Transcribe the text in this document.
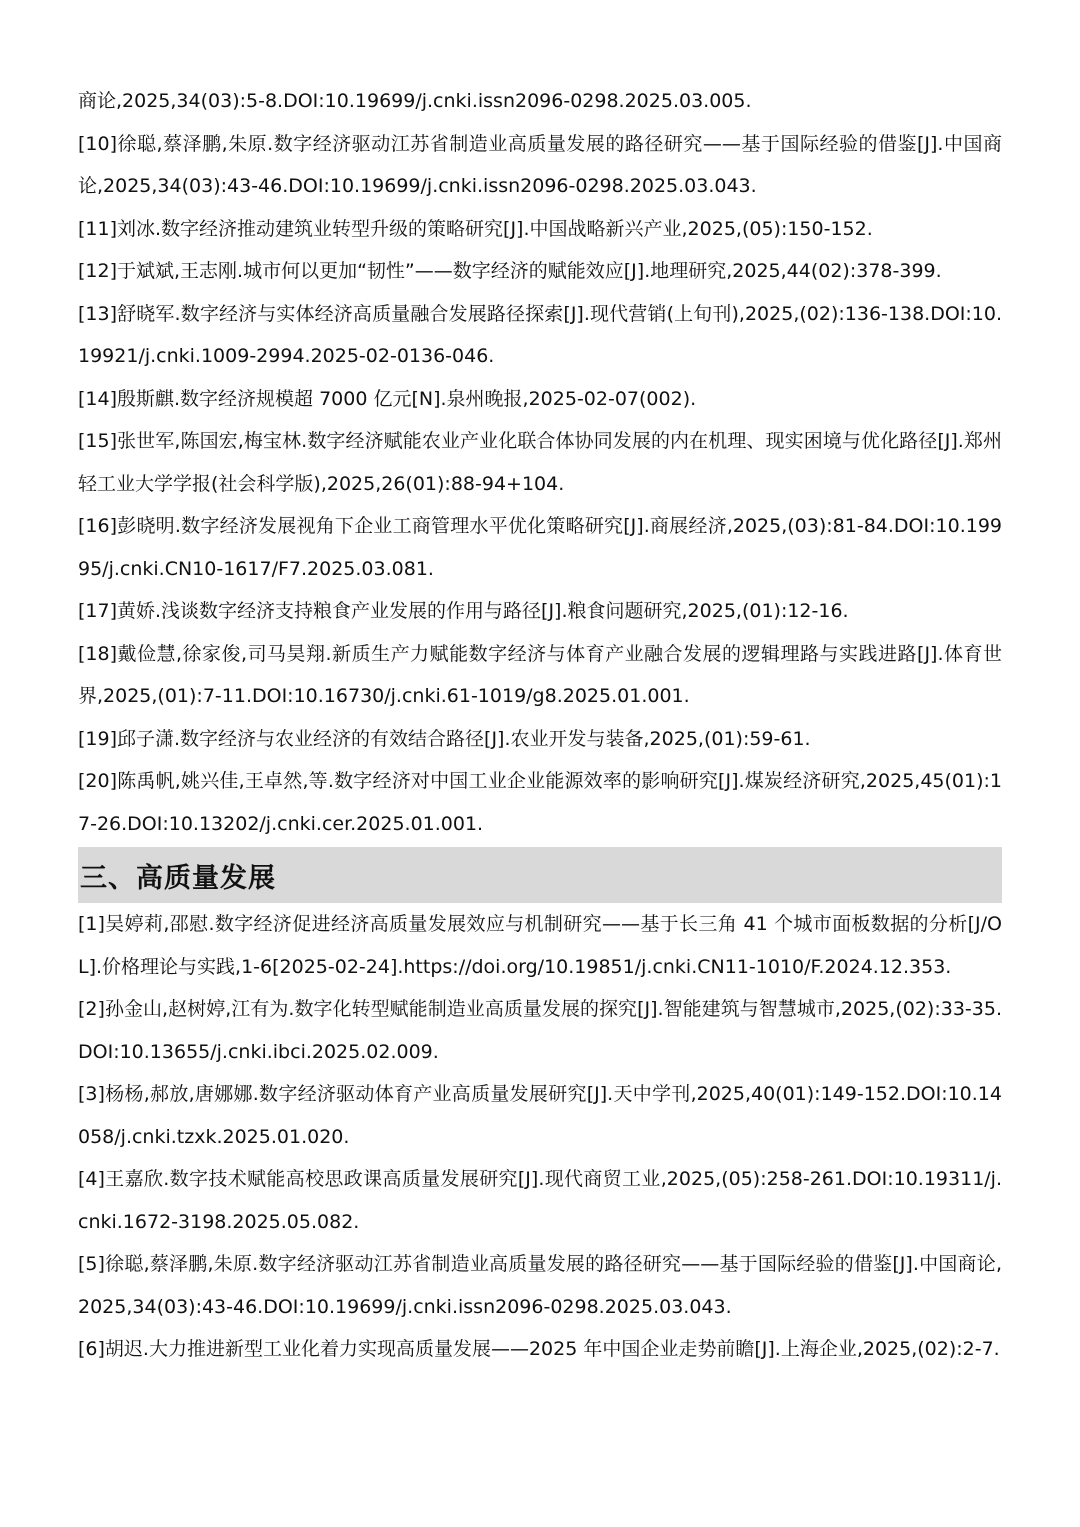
商论,2025,34(03):5-8.DOI:10.19699/j.cnki.issn2096-0298.2025.03.005.

[10]徐聪,蔡泽鹏,朱原.数字经济驱动江苏省制造业高质量发展的路径研究——基于国际经验的借鉴[J].中国商论,2025,34(03):43-46.DOI:10.19699/j.cnki.issn2096-0298.2025.03.043.

[11]刘冰.数字经济推动建筑业转型升级的策略研究[J].中国战略新兴产业,2025,(05):150-152.

[12]于斌斌,王志刚.城市何以更加“韧性”——数字经济的赋能效应[J].地理研究,2025,44(02):378-399.

[13]舒晓军.数字经济与实体经济高质量融合发展路径探索[J].现代营销(上旬刊),2025,(02):136-138.DOI:10.19921/j.cnki.1009-2994.2025-02-0136-046.

[14]殷斯麒.数字经济规模超 7000 亿元[N].泉州晚报,2025-02-07(002).

[15]张世军,陈国宏,梅宝林.数字经济赋能农业产业化联合体协同发展的内在机理、现实困境与优化路径[J].郑州轻工业大学学报(社会科学版),2025,26(01):88-94+104.

[16]彭晓明.数字经济发展视角下企业工商管理水平优化策略研究[J].商展经济,2025,(03):81-84.DOI:10.19995/j.cnki.CN10-1617/F7.2025.03.081.

[17]黄娇.浅谈数字经济支持粮食产业发展的作用与路径[J].粮食问题研究,2025,(01):12-16.

[18]戴俭慧,徐家俊,司马昊翔.新质生产力赋能数字经济与体育产业融合发展的逻辑理路与实践进路[J].体育世界,2025,(01):7-11.DOI:10.16730/j.cnki.61-1019/g8.2025.01.001.

[19]邱子潇.数字经济与农业经济的有效结合路径[J].农业开发与装备,2025,(01):59-61.

[20]陈禹帆,姚兴佳,王卓然,等.数字经济对中国工业企业能源效率的影响研究[J].煤炭经济研究,2025,45(01):17-26.DOI:10.13202/j.cnki.cer.2025.01.001.

三、高质量发展

[1]吴婷莉,邵慰.数字经济促进经济高质量发展效应与机制研究——基于长三角 41 个城市面板数据的分析[J/OL].价格理论与实践,1-6[2025-02-24].https://doi.org/10.19851/j.cnki.CN11-1010/F.2024.12.353.

[2]孙金山,赵树婷,江有为.数字化转型赋能制造业高质量发展的探究[J].智能建筑与智慧城市,2025,(02):33-35.DOI:10.13655/j.cnki.ibci.2025.02.009.

[3]杨杨,郝放,唐娜娜.数字经济驱动体育产业高质量发展研究[J].天中学刊,2025,40(01):149-152.DOI:10.14058/j.cnki.tzxk.2025.01.020.

[4]王嘉欣.数字技术赋能高校思政课高质量发展研究[J].现代商贸工业,2025,(05):258-261.DOI:10.19311/j.cnki.1672-3198.2025.05.082.

[5]徐聪,蔡泽鹏,朱原.数字经济驱动江苏省制造业高质量发展的路径研究——基于国际经验的借鉴[J].中国商论,2025,34(03):43-46.DOI:10.19699/j.cnki.issn2096-0298.2025.03.043.

[6]胡迟.大力推进新型工业化着力实现高质量发展——2025 年中国企业走势前瞻[J].上海企业,2025,(02):2-7.
